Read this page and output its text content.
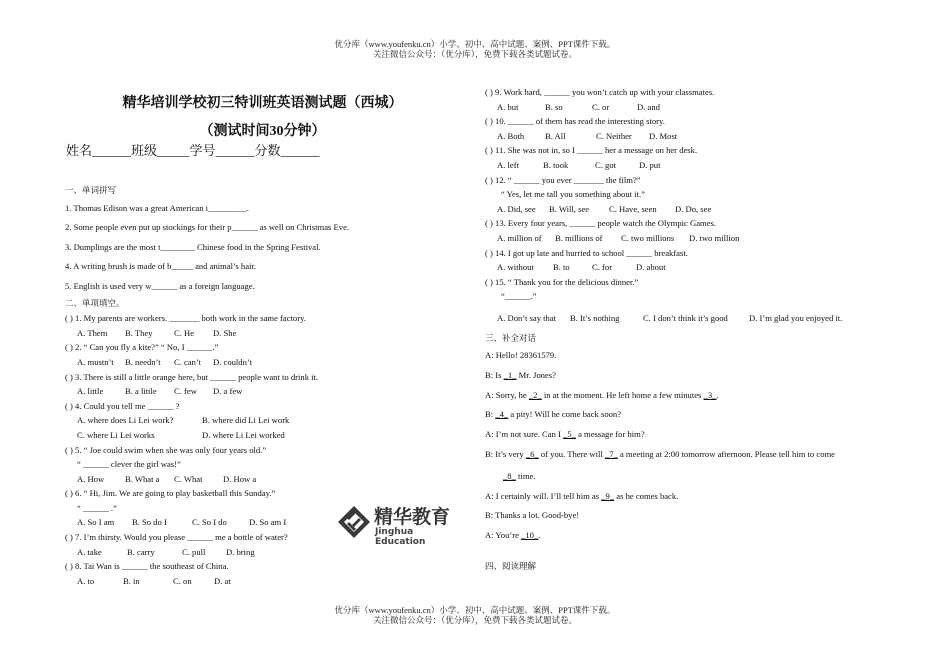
优分库（www.youfenku.cn）小学、初中、高中试题、案例、PPT课件下载。
关注微信公众号：（优分库），免费下载各类试题试卷。
精华培训学校初三特训班英语测试题（西城）
（测试时间30分钟）
姓名______班级_____学号______分数______
一、单词拼写
1. Thomas Edison was a great American i_________.
2. Some people even put up stockings for their p______ as well on Christmas Eve.
3. Dumplings are the most t________ Chinese food in the Spring Festival.
4. A writing brush is made of b_____ and animal’s hair.
5. English is used very w______ as a foreign language.
二、单项填空。
( ) 1. My parents are workers. _______ both work in the same factory.
A. Them B. They C. He D. She
( ) 2. “ Can you fly a kite?” “ No, I ______.”
A. mustn’t B. needn’t C. can’t D. couldn’t
( ) 3. There is still a little orange here, but ______ people want to drink it.
A. little	B. a little C. few D. a few
( ) 4. Could you tell me ______ ?
A. where does Li Lei work?	B. where did Li Lei work
C. where Li Lei works	D. where Li Lei worked
( ) 5. “ Joe could swim when she was only four years old.”
“ ______ clever the girl was!”
A. How B. What a C. What D. How a
( ) 6. “ Hi, Jim. We are going to play basketball this Sunday.”
“ ______ .”
A. So I am B. So do I	C. So I do	D. So am I
( ) 7. I’m thirsty. Would you please ______ me a bottle of water?
A. take	B. carry	C. pull D. bring
( ) 8. Tai Wan is ______ the southeast of China.
A. to	B. in	C. on	D. at
( ) 9. Work hard, ______ you won’t catch up with your classmates.
A. but	B. so	C. or	D. and
( ) 10. ______ of them has read the interesting story.
A. Both B. All	C. Neither D. Most
( ) 11. She was not in, so I ______ her a message on her desk.
A. left	B. took	C. got	D. put
( ) 12. “ ______ you ever _______ the film?”
“ Yes, let me tall you something about it.”
A. Did, see B. Will, see C. Have, seen D. Do, see
( ) 13. Every four years, ______ people watch the Olympic Games.
A. million of B. millions of C. two millions D. two million
( ) 14. I got up late and hurried to school ______ breakfast.
A. without B. to	C. for	D. about
( ) 15. “ Thank you for the delicious dinner.”
“______.”
A. Don’t say that B. It’s nothing	C. I don’t think it’s good D. I’m glad you enjoyed it.
三、补全对话
A: Hello! 28361579.
B: Is _1_ Mr. Jones?
A: Sorry, he _2_ in at the moment. He left home a few minutes _3_.
B: _4_ a pity! Will he come back soon?
A: I’m not sure. Can I _5_ a message for him?
B: It’s very _6_ of you. There will _7_ a meeting at 2:00 tomorrow afternoon. Please tell him to come
_8_ time.
A: I certainly will. I’ll tell him as _9_ as he comes back.
B: Thanks a lot. Good-bye!
A: You’re _10_.
四、阅读理解
精华教育
Jinghua Education
优分库（www.youfenku.cn）小学、初中、高中试题、案例、PPT课件下载。
关注微信公众号：（优分库），免费下载各类试题试卷。
